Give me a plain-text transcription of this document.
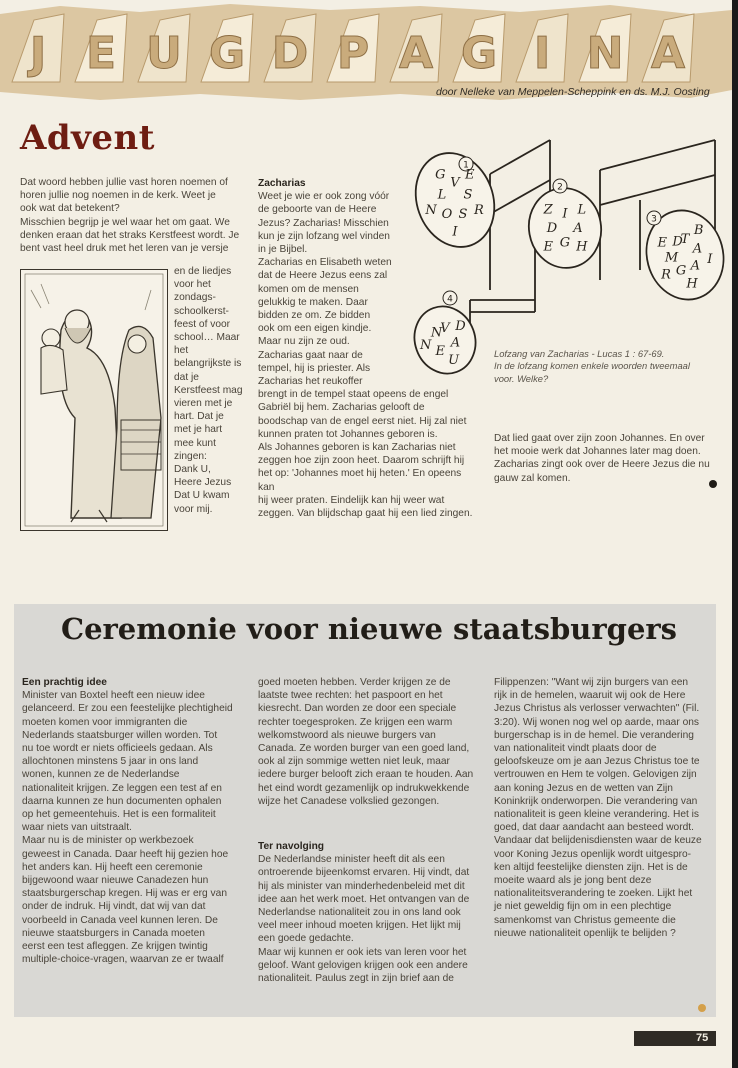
J E U G D P A G I N A
door Nelleke van Meppelen-Scheppink en ds. M.J. Oosting
Advent

Dat woord hebben jullie vast horen noemen of

horen jullie nog noemen in de kerk. Weet je

ook wat dat betekent?

Misschien begrijp je wel waar het om gaat. We

denken eraan dat het straks Kerstfeest wordt. Je

bent vast heel druk met het leren van je versje

en de liedjes

voor het

zondags-

schoolkerst-

feest of voor

school… Maar

het

belangrijkste is

dat je

Kerstfeest mag

vieren met je

hart. Dat je

met je hart

mee kunt

zingen:

Dank U,

Heere Jezus

Dat U kwam

voor mij.

Zacharias

Weet je wie er ook zong vóór

de geboorte van de Heere

Jezus? Zacharias! Misschien

kun je zijn lofzang wel vinden

in je Bijbel.

Zacharias en Elisabeth weten

dat de Heere Jezus eens zal

komen om de mensen

gelukkig te maken. Daar

bidden ze om. Ze bidden

ook om een eigen kindje.

Maar nu zijn ze oud.

Zacharias gaat naar de

tempel, hij is priester. Als

Zacharias het reukoffer

brengt in de tempel staat opeens de engel

Gabriël bij hem. Zacharias gelooft de

boodschap van de engel eerst niet. Hij zal niet

kunnen praten tot Johannes geboren is.

Als Johannes geboren is kan Zacharias niet

zeggen hoe zijn zoon heet. Daarom schrijft hij

het op: 'Johannes moet hij heten.' En opeens kan

hij weer praten. Eindelijk kan hij weer wat

zeggen. Van blijdschap gaat hij een lied zingen.

1
V
E
S
R
S
I
O
N
L
G
2
I L
A
H
G
E
D
Z
3
T
B
A
I
A
H
G
R
M
E D
4
V D
A
U
E
N
N

Lofzang van Zacharias - Lucas 1 : 67-69.

In de lofzang komen enkele woorden tweemaal

voor. Welke?

Dat lied gaat over zijn zoon Johannes. En over

het mooie werk dat Johannes later mag doen.

Zacharias zingt ook over de Heere Jezus die nu

gauw zal komen.

Ceremonie voor nieuwe staatsburgers

Een prachtig idee

Minister van Boxtel heeft een nieuw idee

gelanceerd. Er zou een feestelijke plechtigheid

moeten komen voor immigranten die

Nederlands staatsburger willen worden. Tot

nu toe wordt er niets officieels gedaan. Als

allochtonen minstens 5 jaar in ons land

wonen, kunnen ze de Nederlandse

nationaliteit krijgen. Ze leggen een test af en

daarna kunnen ze hun documenten ophalen

op het gemeentehuis. Het is een formaliteit

waar niets van uitstraalt.

Maar nu is de minister op werkbezoek

geweest in Canada. Daar heeft hij gezien hoe

het anders kan. Hij heeft een ceremonie

bijgewoond waar nieuwe Canadezen hun

staatsburgerschap kregen. Hij was er erg van

onder de indruk. Hij vindt, dat wij van dat

voorbeeld in Canada veel kunnen leren. De

nieuwe staatsburgers in Canada moeten

eerst een test afleggen. Ze krijgen twintig

multiple-choice-vragen, waarvan ze er twaalf

goed moeten hebben. Verder krijgen ze de

laatste twee rechten: het paspoort en het

kiesrecht. Dan worden ze door een speciale

rechter toegesproken. Ze krijgen een warm

welkomstwoord als nieuwe burgers van

Canada. Ze worden burger van een goed land,

ook al zijn sommige wetten niet leuk, maar

iedere burger belooft zich eraan te houden. Aan

het eind wordt gezamenlijk op indrukwekkende

wijze het Canadese volkslied gezongen.

Ter navolging

De Nederlandse minister heeft dit als een

ontroerende bijeenkomst ervaren. Hij vindt, dat

hij als minister van minderhedenbeleid met dit

idee aan het werk moet. Het ontvangen van de

Nederlandse nationaliteit zou in ons land ook

veel meer inhoud moeten krijgen. Het lijkt mij

een goede gedachte.

Maar wij kunnen er ook iets van leren voor het

geloof. Want gelovigen krijgen ook een andere

nationaliteit. Paulus zegt in zijn brief aan de

Filippenzen: "Want wij zijn burgers van een

rijk in de hemelen, waaruit wij ook de Here

Jezus Christus als verlosser verwachten" (Fil.

3:20). Wij wonen nog wel op aarde, maar ons

burgerschap is in de hemel. Die verandering

van nationaliteit vindt plaats door de

geloofskeuze om je aan Jezus Christus toe te

vertrouwen en Hem te volgen. Gelovigen zijn

aan koning Jezus en de wetten van Zijn

Koninkrijk onderworpen. Die verandering van

nationaliteit is geen kleine verandering. Het is

goed, dat daar aandacht aan besteed wordt.

Vandaar dat belijdenisdiensten waar de keuze

voor Koning Jezus openlijk wordt uitgespro-

ken altijd feestelijke diensten zijn. Het is de

moeite waard als je jong bent deze

nationaliteitsverandering te zoeken. Lijkt het

je niet geweldig fijn om in een plechtige

samenkomst van Christus gemeente die

nieuwe nationaliteit openlijk te belijden ?

75
